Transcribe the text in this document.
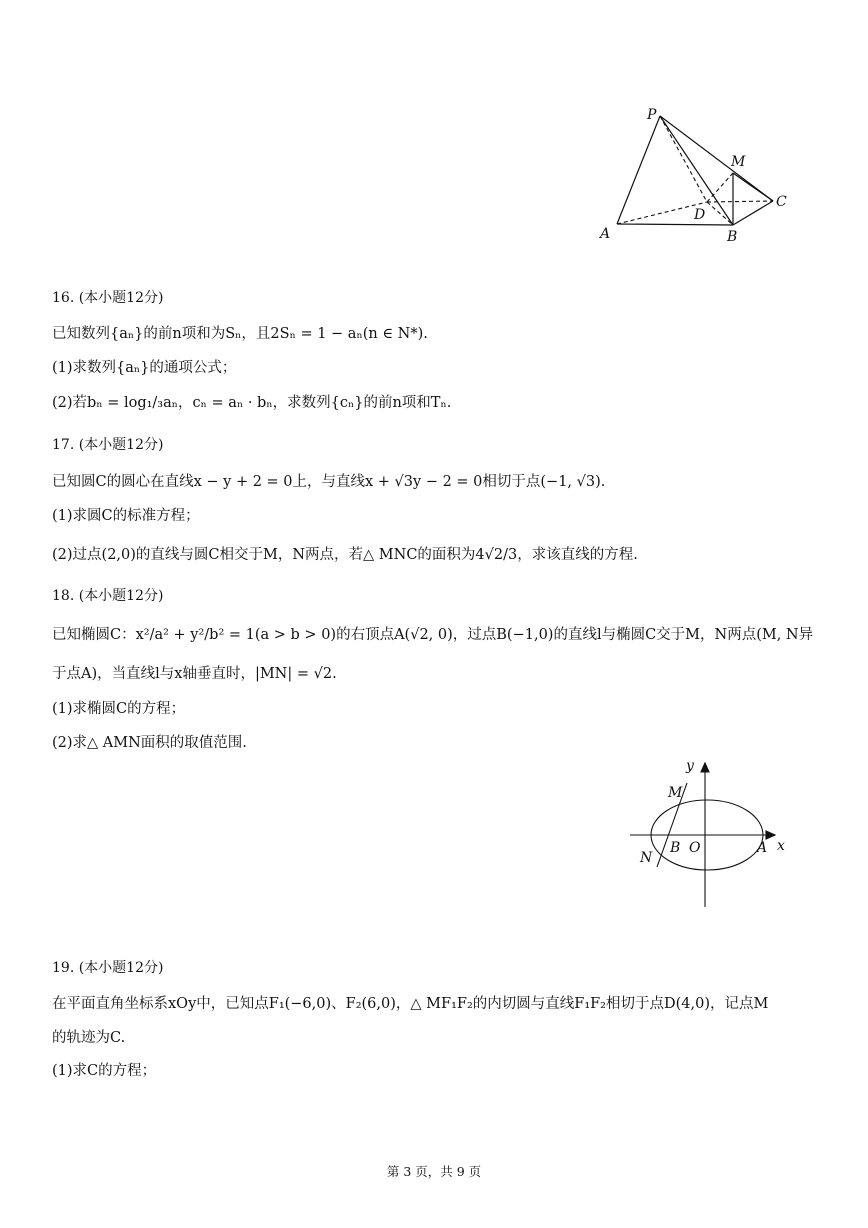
P
M
C
D
A	B
16. (本小题12分)
已知数列{aₙ}的前n项和为Sₙ，且2Sₙ = 1 − aₙ(n ∈ N*).
(1)求数列{aₙ}的通项公式；
(2)若bₙ = log₁/₃aₙ，cₙ = aₙ · bₙ，求数列{cₙ}的前n项和Tₙ.
17. (本小题12分)
已知圆C的圆心在直线x − y + 2 = 0上，与直线x + √3y − 2 = 0相切于点(−1, √3).
(1)求圆C的标准方程；
(2)过点(2,0)的直线与圆C相交于M，N两点，若△ MNC的面积为4√2/3，求该直线的方程.
18. (本小题12分)
已知椭圆C：x²/a² + y²/b² = 1(a > b > 0)的右顶点A(√2, 0)，过点B(−1,0)的直线l与椭圆C交于M，N两点(M, N异
于点A)，当直线l与x轴垂直时，|MN| = √2.
(1)求椭圆C的方程；
(2)求△ AMN面积的取值范围.
y
M
N
B O	A x
19. (本小题12分)
在平面直角坐标系xOy中，已知点F₁(−6,0)、F₂(6,0)，△ MF₁F₂的内切圆与直线F₁F₂相切于点D(4,0)，记点M
的轨迹为C.
(1)求C的方程；
第 3 页，共 9 页
